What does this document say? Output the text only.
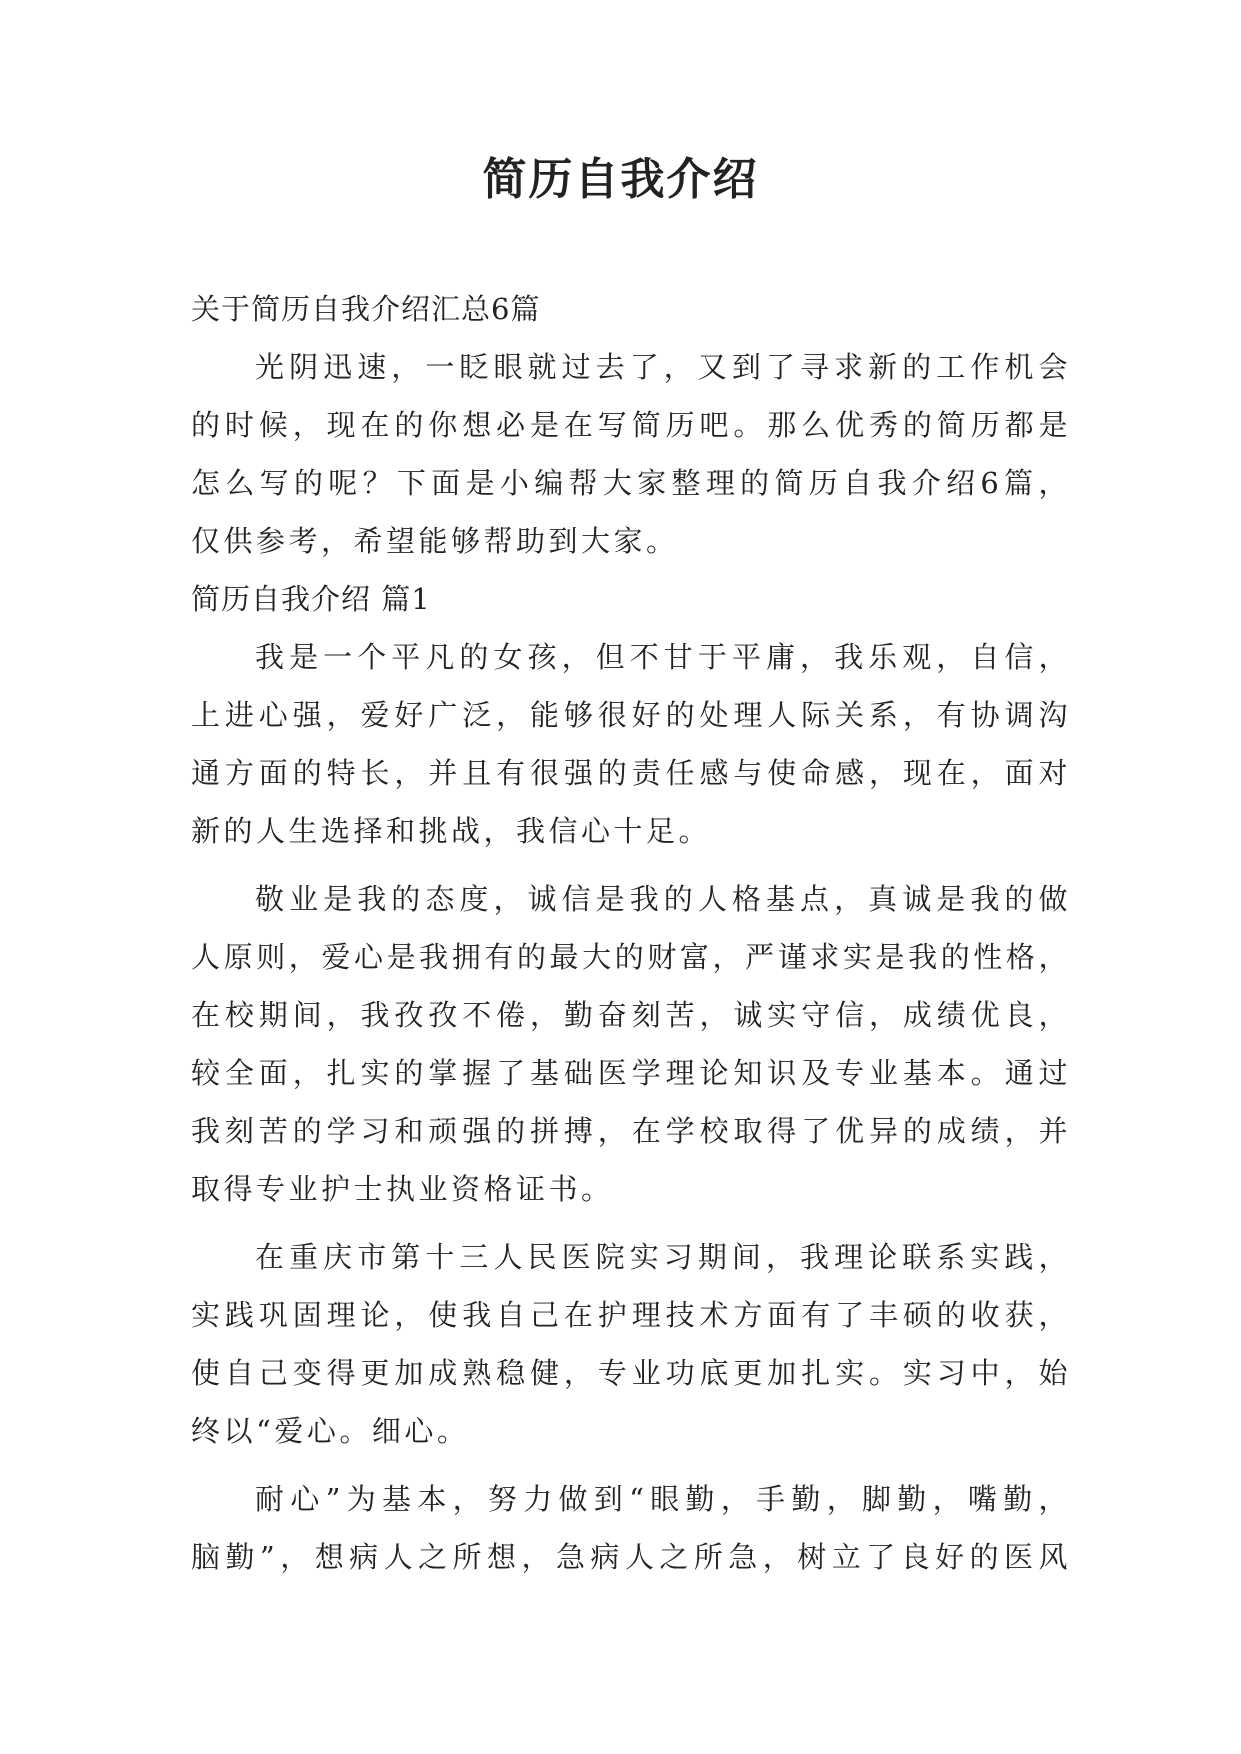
简历自我介绍
关于简历自我介绍汇总6篇
光阴迅速，一眨眼就过去了，又到了寻求新的工作机会
的时候，现在的你想必是在写简历吧。那么优秀的简历都是
怎么写的呢？下面是小编帮大家整理的简历自我介绍6篇，
仅供参考，希望能够帮助到大家。
简历自我介绍 篇1
我是一个平凡的女孩，但不甘于平庸，我乐观，自信，
上进心强，爱好广泛，能够很好的处理人际关系，有协调沟
通方面的特长，并且有很强的责任感与使命感，现在，面对
新的人生选择和挑战，我信心十足。
敬业是我的态度，诚信是我的人格基点，真诚是我的做
人原则，爱心是我拥有的最大的财富，严谨求实是我的性格，
在校期间，我孜孜不倦，勤奋刻苦，诚实守信，成绩优良，
较全面，扎实的掌握了基础医学理论知识及专业基本。通过
我刻苦的学习和顽强的拼搏，在学校取得了优异的成绩，并
取得专业护士执业资格证书。
在重庆市第十三人民医院实习期间，我理论联系实践，
实践巩固理论，使我自己在护理技术方面有了丰硕的收获，
使自己变得更加成熟稳健，专业功底更加扎实。实习中，始
终以“爱心。细心。
耐心”为基本，努力做到“眼勤，手勤，脚勤，嘴勤，
脑勤”，想病人之所想，急病人之所急，树立了良好的医风
